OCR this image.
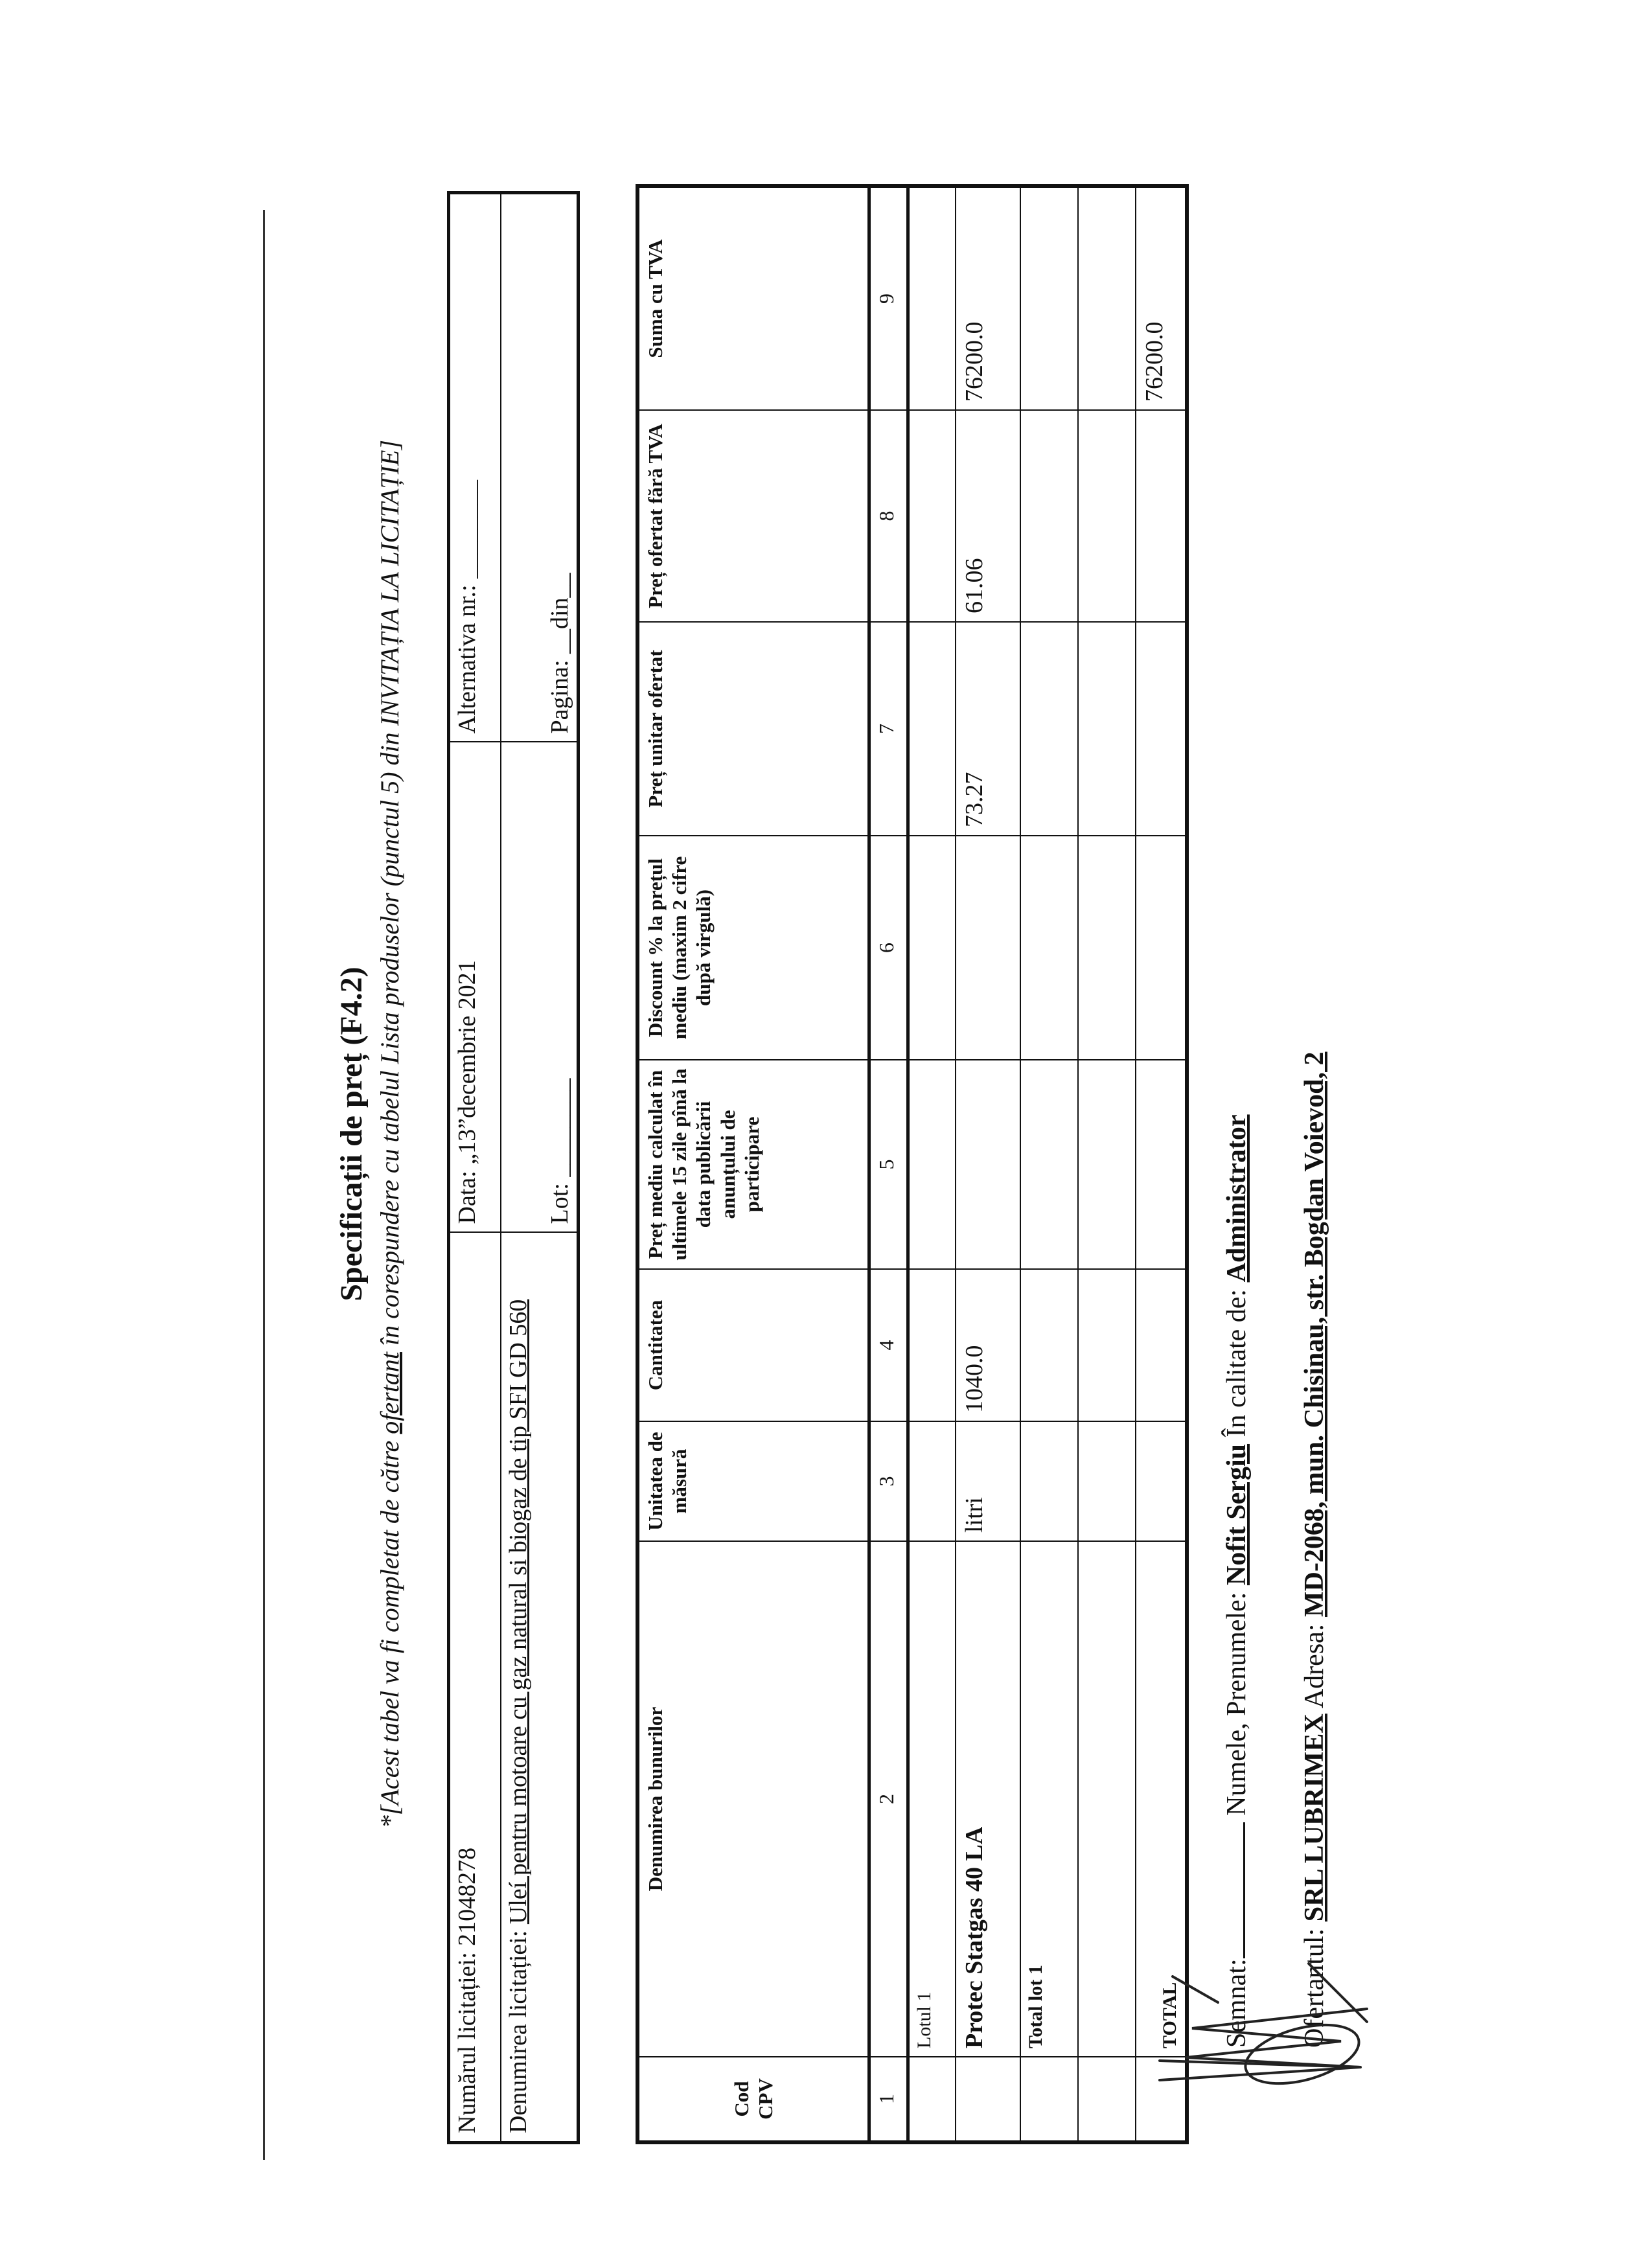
Specificații de preț (F4.2)
*[Acest tabel va fi completat de către ofertant în corespundere cu tabelul Lista produselor (punctul 5) din INVITAȚIA LA LICITAȚIE]
Numărul licitației: 21048278	Data: „13”decembrie 2021	Alternativa nr.: ________
Denumirea licitației: Uleí pentru motoare cu gaz natural si biogaz de tip SFI GD 560	Lot: ________	Pagina: __din__
Cod CPV	Denumirea bunurilor	Unitatea de măsură	Cantitatea	Preț mediu calculat în ultimele 15 zile pînă la data publicării anunțului de participare	Discount % la prețul mediu (maxim 2 cifre după virgulă)	Preț unitar ofertat	Preț ofertat fără TVA	Suma cu TVA
1	2	3	4	5	6	7	8	9
	Lotul 1							
	Protec Statgas 40 LA	litri	1040.0			73.27	61.06	76200.0
	Total lot 1							

	TOTAL							76200.0
Semnat: Numele, Prenumele: Nofit Sergiu În calitate de: Administrator
Ofertantul: SRL LUBRIMEX Adresa: MD-2068, mun. Chisinau, str. Bogdan Voievod, 2
